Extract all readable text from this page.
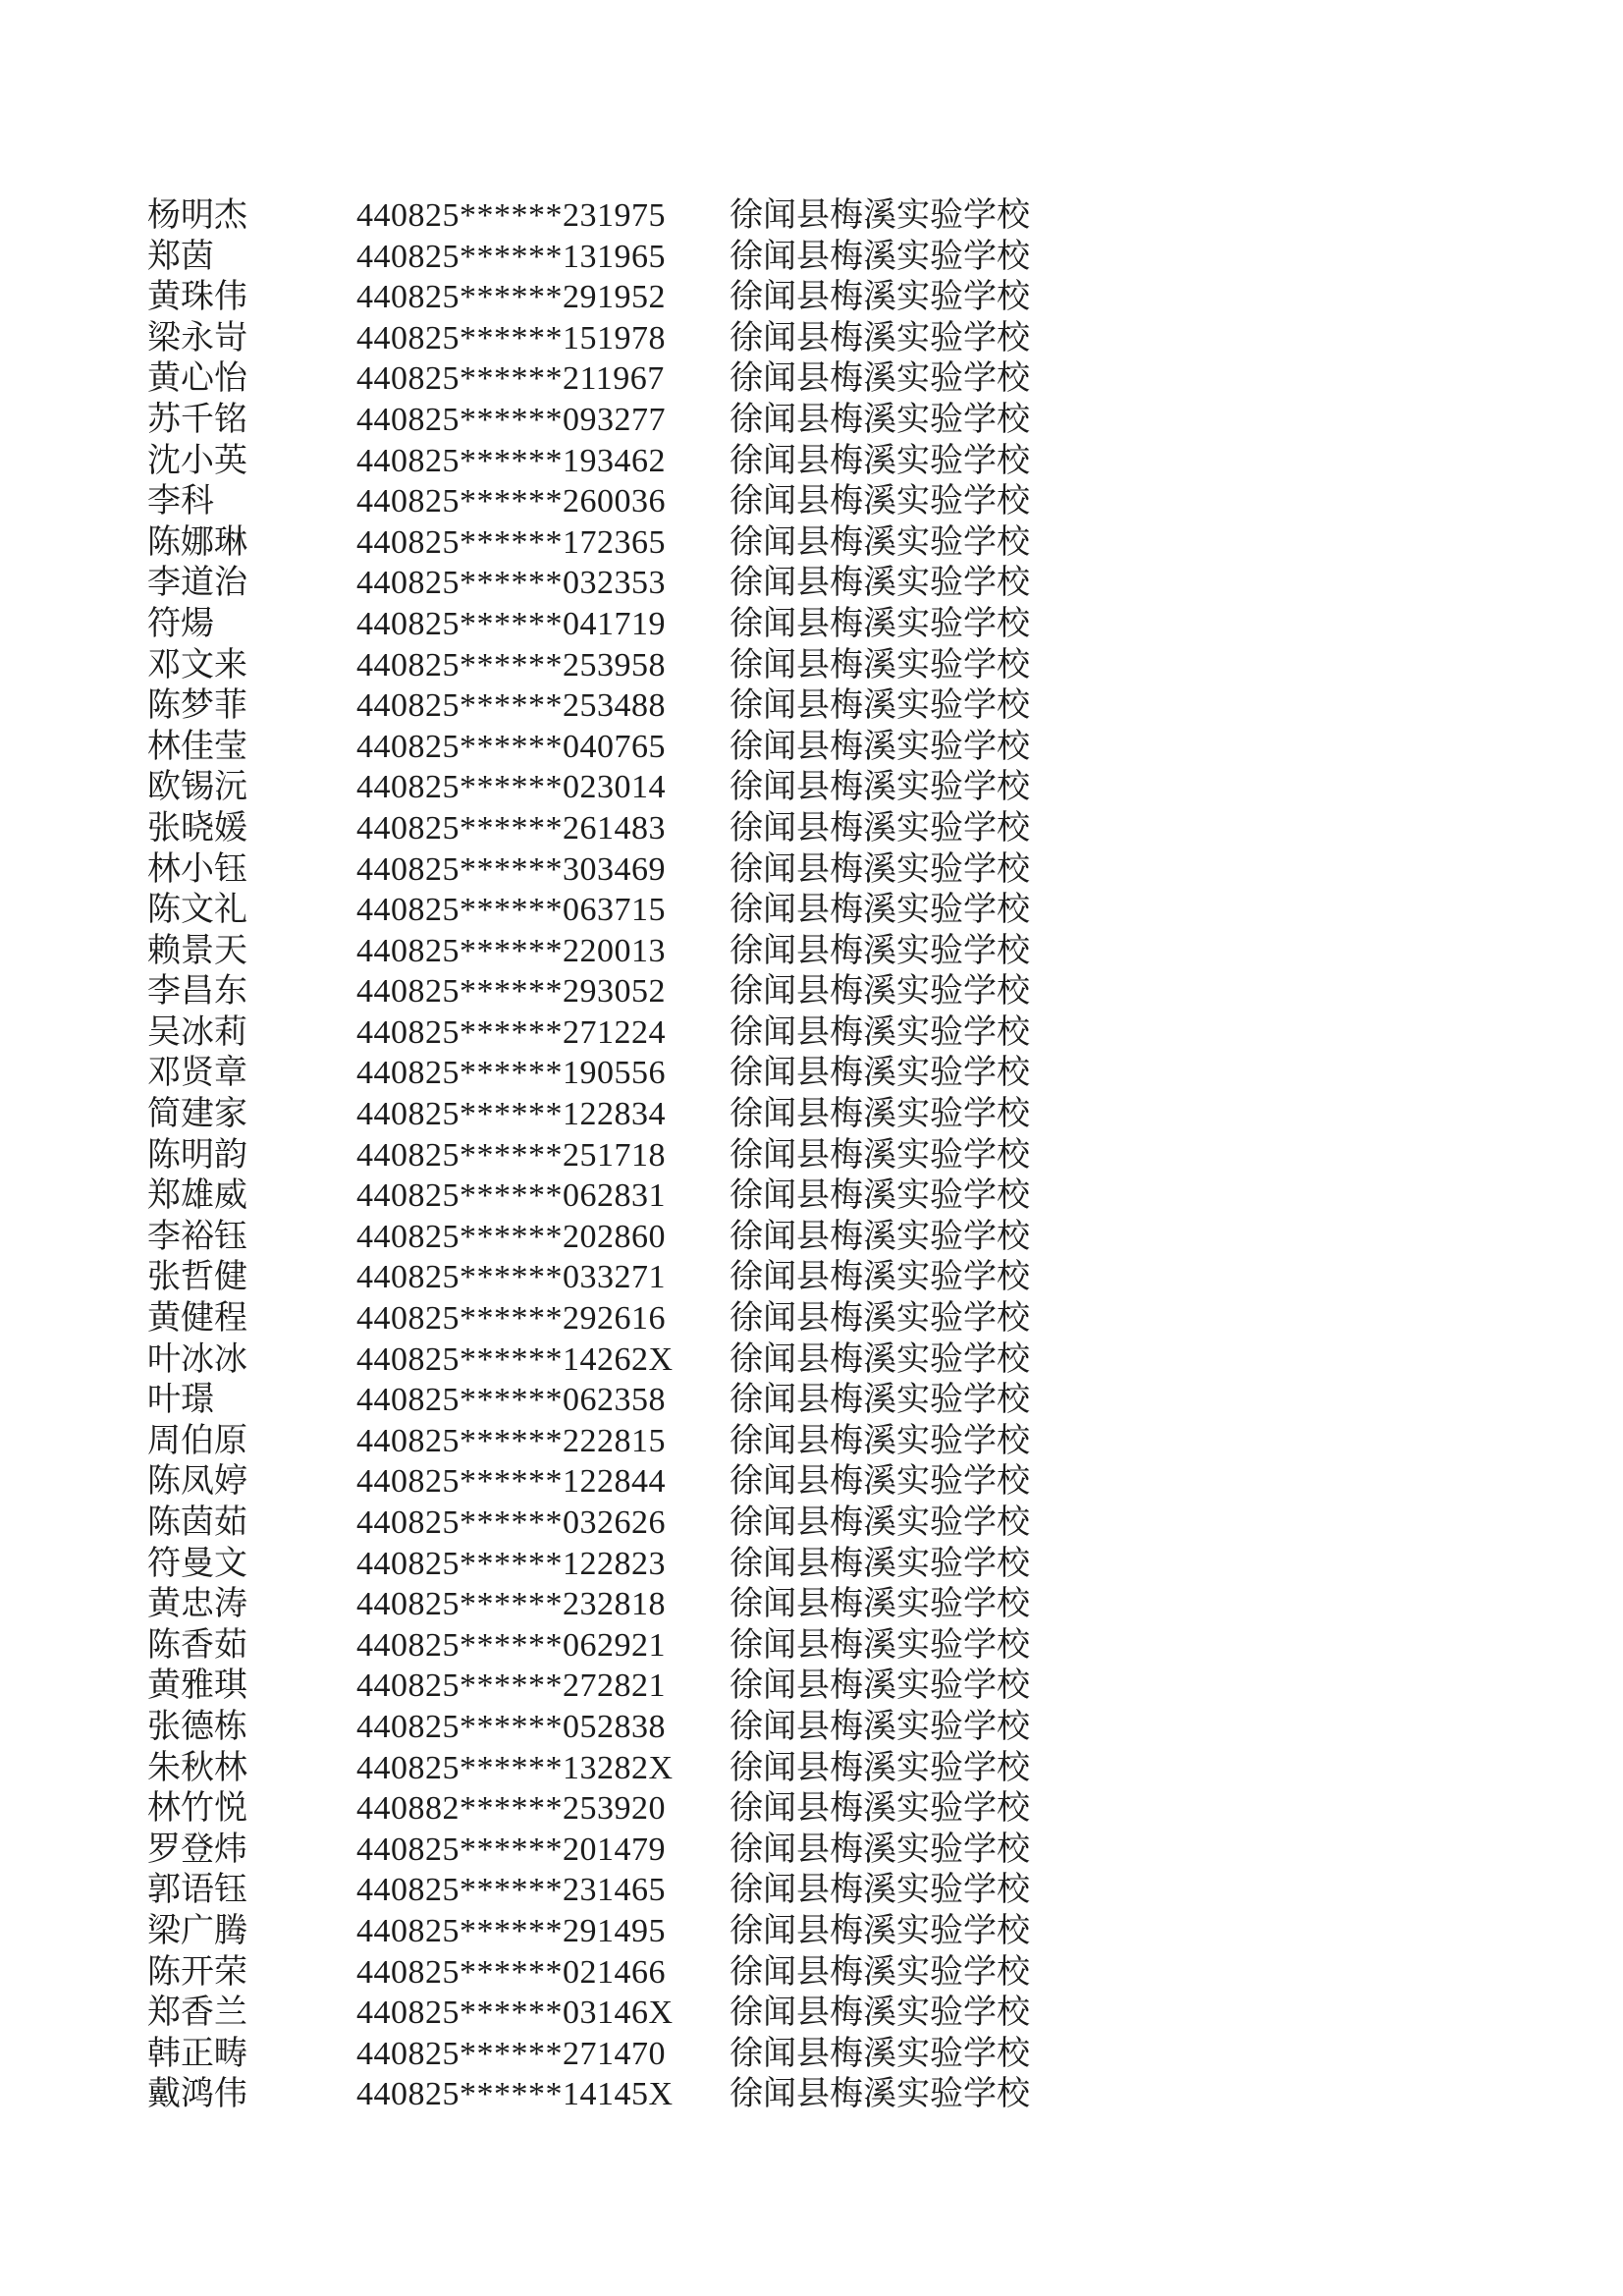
杨明杰	440825******231975	徐闻县梅溪实验学校
郑茵	440825******131965	徐闻县梅溪实验学校
黄珠伟	440825******291952	徐闻县梅溪实验学校
梁永岢	440825******151978	徐闻县梅溪实验学校
黄心怡	440825******211967	徐闻县梅溪实验学校
苏千铭	440825******093277	徐闻县梅溪实验学校
沈小英	440825******193462	徐闻县梅溪实验学校
李科	440825******260036	徐闻县梅溪实验学校
陈娜琳	440825******172365	徐闻县梅溪实验学校
李道治	440825******032353	徐闻县梅溪实验学校
符煬	440825******041719	徐闻县梅溪实验学校
邓文来	440825******253958	徐闻县梅溪实验学校
陈梦菲	440825******253488	徐闻县梅溪实验学校
林佳莹	440825******040765	徐闻县梅溪实验学校
欧锡沅	440825******023014	徐闻县梅溪实验学校
张晓媛	440825******261483	徐闻县梅溪实验学校
林小钰	440825******303469	徐闻县梅溪实验学校
陈文礼	440825******063715	徐闻县梅溪实验学校
赖景天	440825******220013	徐闻县梅溪实验学校
李昌东	440825******293052	徐闻县梅溪实验学校
吴冰莉	440825******271224	徐闻县梅溪实验学校
邓贤章	440825******190556	徐闻县梅溪实验学校
简建家	440825******122834	徐闻县梅溪实验学校
陈明韵	440825******251718	徐闻县梅溪实验学校
郑雄威	440825******062831	徐闻县梅溪实验学校
李裕钰	440825******202860	徐闻县梅溪实验学校
张哲健	440825******033271	徐闻县梅溪实验学校
黄健程	440825******292616	徐闻县梅溪实验学校
叶冰冰	440825******14262X	徐闻县梅溪实验学校
叶璟	440825******062358	徐闻县梅溪实验学校
周伯原	440825******222815	徐闻县梅溪实验学校
陈凤婷	440825******122844	徐闻县梅溪实验学校
陈茵茹	440825******032626	徐闻县梅溪实验学校
符曼文	440825******122823	徐闻县梅溪实验学校
黄忠涛	440825******232818	徐闻县梅溪实验学校
陈香茹	440825******062921	徐闻县梅溪实验学校
黄雅琪	440825******272821	徐闻县梅溪实验学校
张德栋	440825******052838	徐闻县梅溪实验学校
朱秋林	440825******13282X	徐闻县梅溪实验学校
林竹悦	440882******253920	徐闻县梅溪实验学校
罗登炜	440825******201479	徐闻县梅溪实验学校
郭语钰	440825******231465	徐闻县梅溪实验学校
梁广腾	440825******291495	徐闻县梅溪实验学校
陈开荣	440825******021466	徐闻县梅溪实验学校
郑香兰	440825******03146X	徐闻县梅溪实验学校
韩正畴	440825******271470	徐闻县梅溪实验学校
戴鸿伟	440825******14145X	徐闻县梅溪实验学校
